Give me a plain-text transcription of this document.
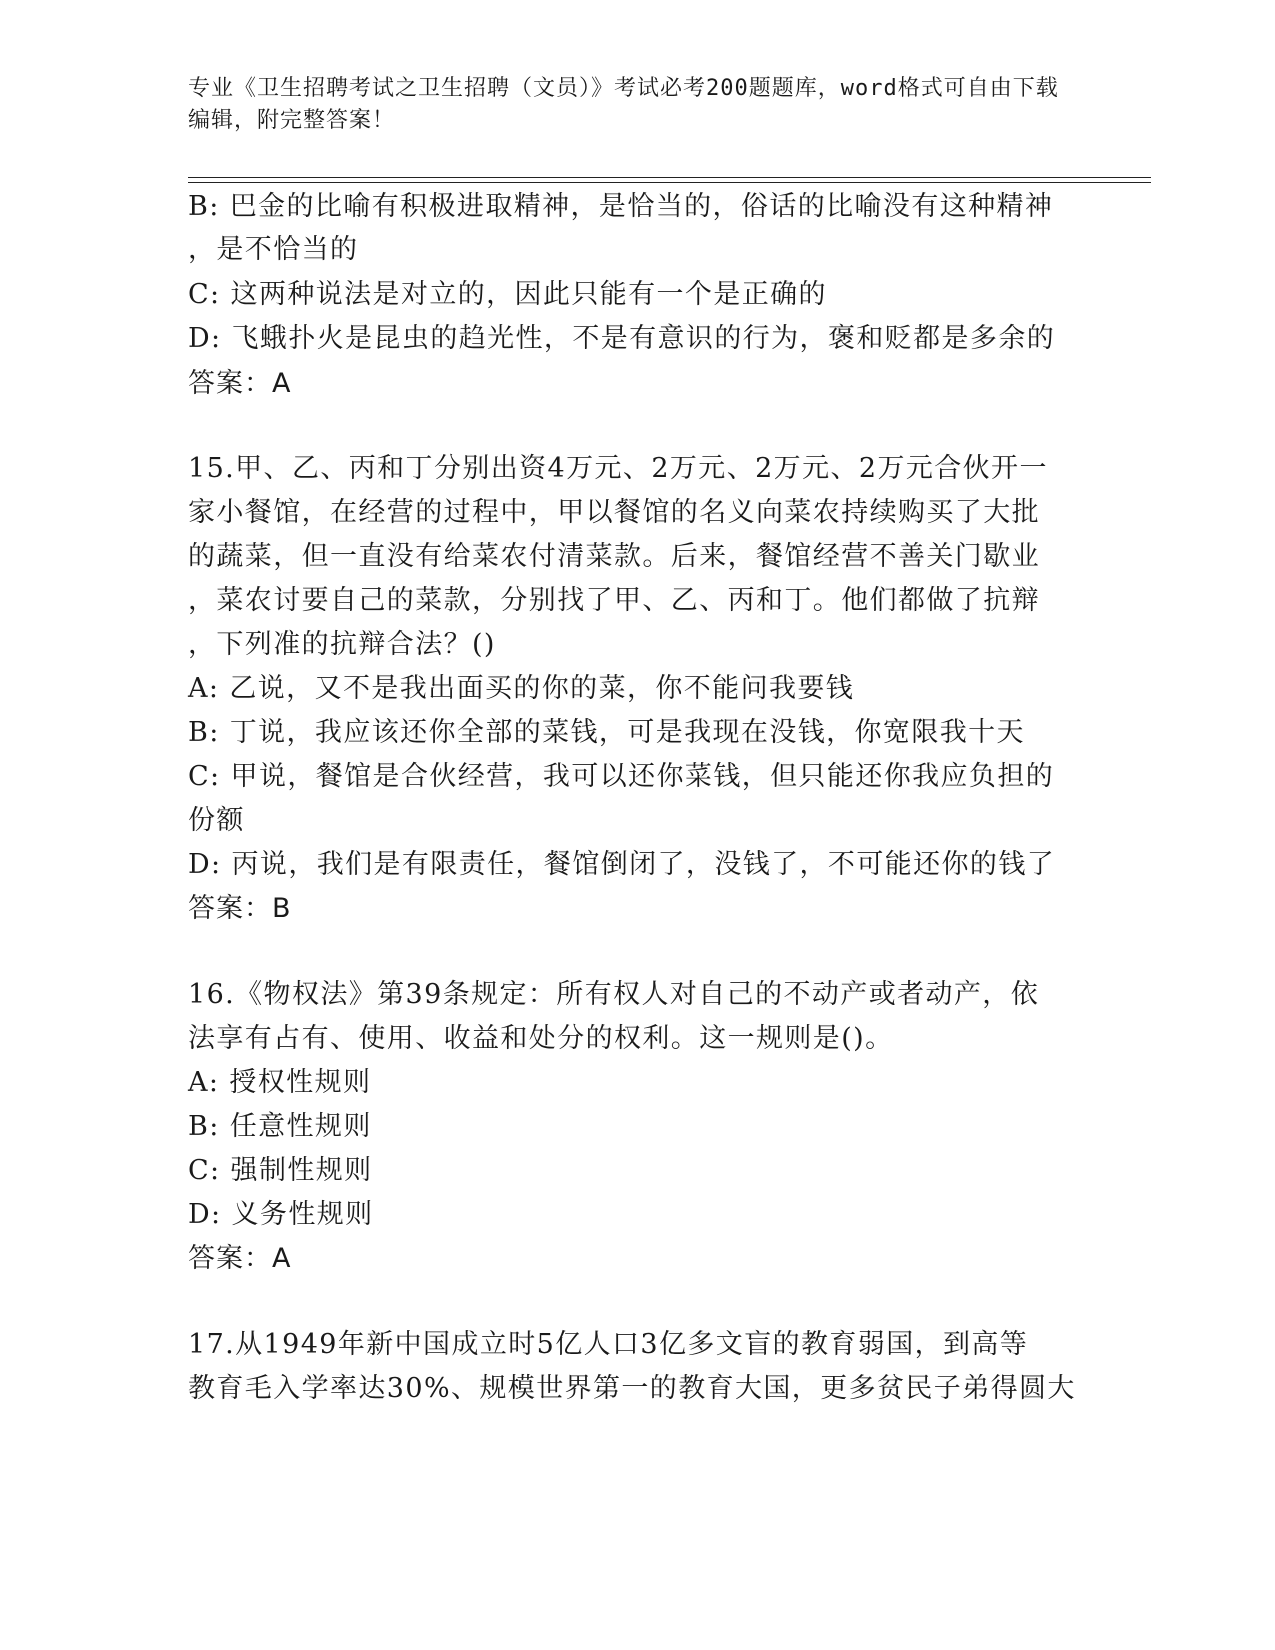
专业《卫生招聘考试之卫生招聘（文员）》考试必考200题题库，word格式可自由下载编辑，附完整答案！
B: 巴金的比喻有积极进取精神，是恰当的，俗话的比喻没有这种精神
，是不恰当的
C: 这两种说法是对立的，因此只能有一个是正确的
D: 飞蛾扑火是昆虫的趋光性，不是有意识的行为，褒和贬都是多余的
答案：A
15.甲、乙、丙和丁分别出资4万元、2万元、2万元、2万元合伙开一
家小餐馆，在经营的过程中，甲以餐馆的名义向菜农持续购买了大批
的蔬菜，但一直没有给菜农付清菜款。后来，餐馆经营不善关门歇业
，菜农讨要自己的菜款，分别找了甲、乙、丙和丁。他们都做了抗辩
，下列准的抗辩合法？()
A: 乙说，又不是我出面买的你的菜，你不能问我要钱
B: 丁说，我应该还你全部的菜钱，可是我现在没钱，你宽限我十天
C: 甲说，餐馆是合伙经营，我可以还你菜钱，但只能还你我应负担的
份额
D: 丙说，我们是有限责任，餐馆倒闭了，没钱了，不可能还你的钱了
答案：B
16.《物权法》第39条规定：所有权人对自己的不动产或者动产，依
法享有占有、使用、收益和处分的权利。这一规则是()。
A: 授权性规则
B: 任意性规则
C: 强制性规则
D: 义务性规则
答案：A
17.从1949年新中国成立时5亿人口3亿多文盲的教育弱国，到高等
教育毛入学率达30%、规模世界第一的教育大国，更多贫民子弟得圆大
